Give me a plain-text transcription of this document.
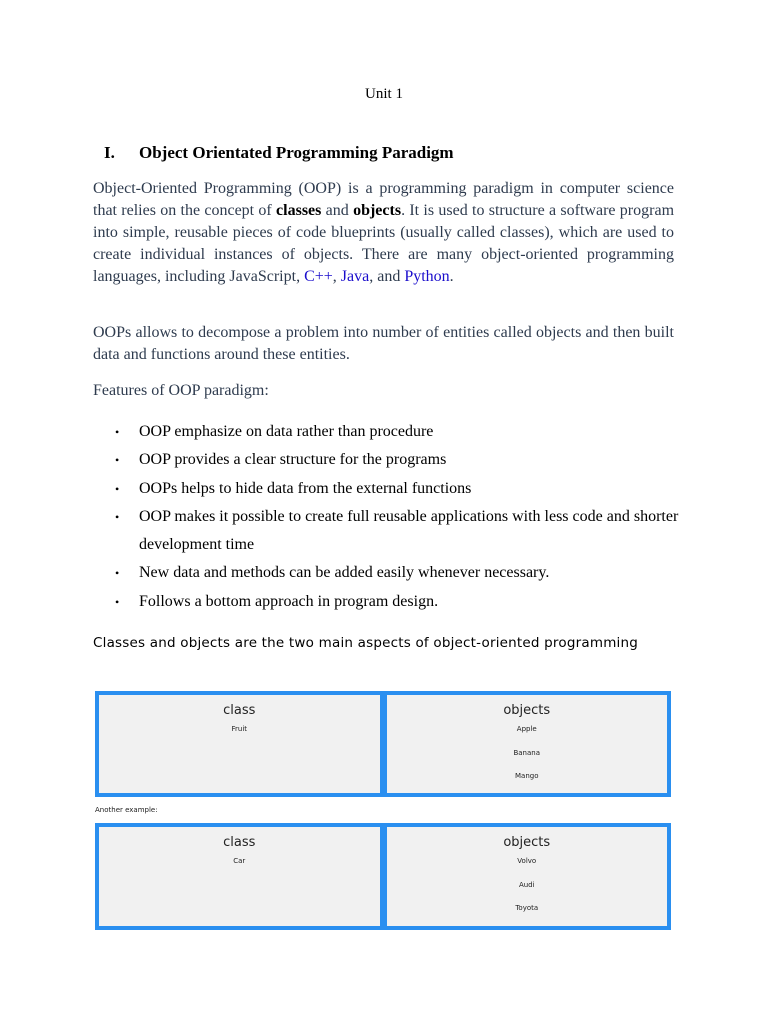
Unit 1
I. Object Orientated Programming Paradigm

Object-Oriented Programming (OOP) is a programming paradigm in computer science that relies on the concept of classes and objects. It is used to structure a software program into simple, reusable pieces of code blueprints (usually called classes), which are used to create individual instances of objects. There are many object-oriented programming languages, including JavaScript, C++, Java, and Python.

OOPs allows to decompose a problem into number of entities called objects and then built data and functions around these entities.

Features of OOP paradigm:

• OOP emphasize on data rather than procedure
• OOP provides a clear structure for the programs
• OOPs helps to hide data from the external functions
• OOP makes it possible to create full reusable applications with less code and shorter development time
• New data and methods can be added easily whenever necessary.
• Follows a bottom approach in program design.
Classes and objects are the two main aspects of object-oriented programming
class
Fruit
objects
Apple
Banana
Mango
Another example:
class
Car
objects
Volvo
Audi
Toyota
